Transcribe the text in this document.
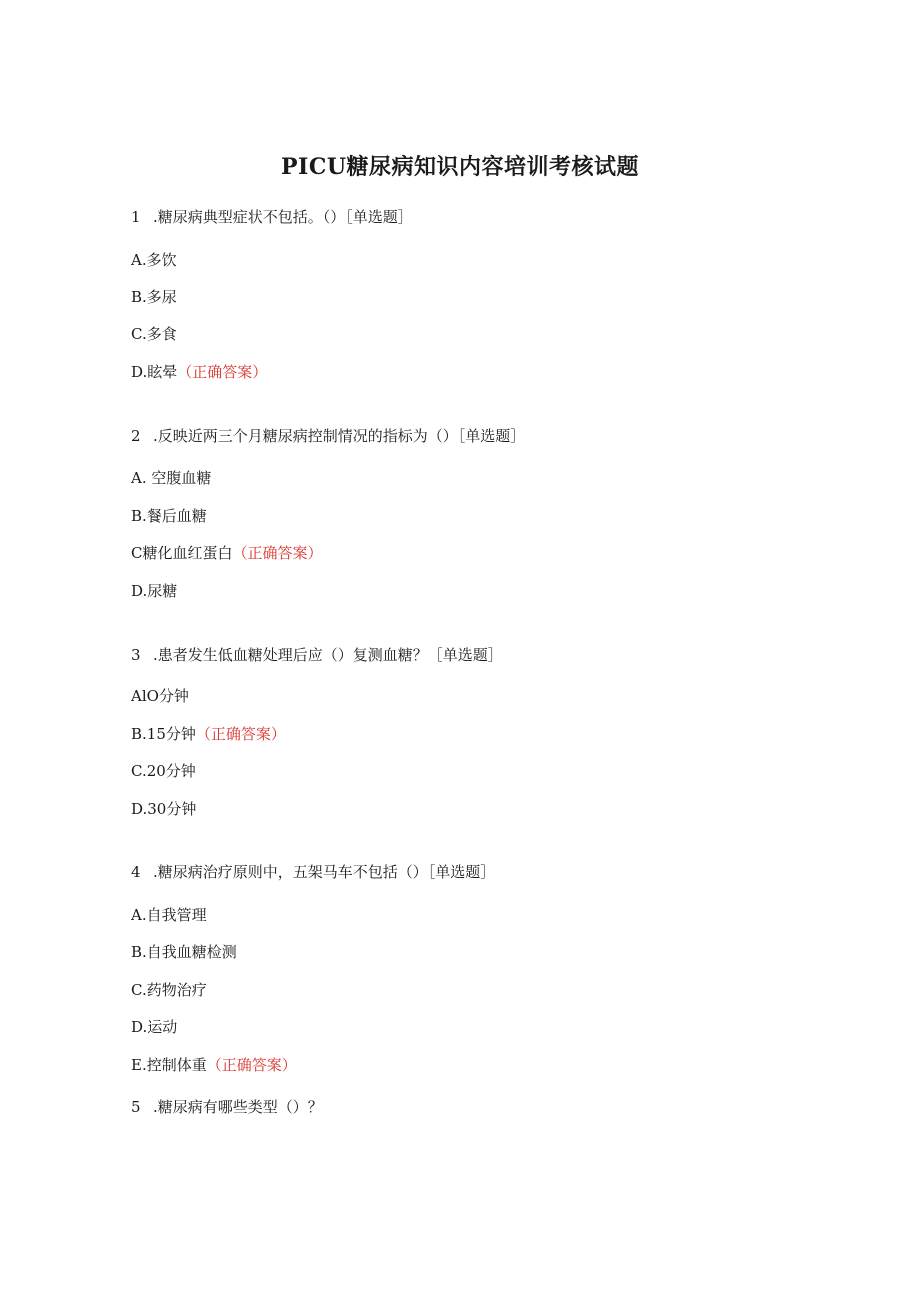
PICU糖尿病知识内容培训考核试题
1 .糖尿病典型症状不包括。（）［单选题］
A.多饮
B.多尿
C.多食
D.眩晕（正确答案）
2 .反映近两三个月糖尿病控制情况的指标为（）［单选题］
A. 空腹血糖
B.餐后血糖
C糖化血红蛋白（正确答案）
D.尿糖
3 .患者发生低血糖处理后应（）复测血糖？［单选题］
AlO分钟
B.15分钟（正确答案）
C.20分钟
D.30分钟
4 .糖尿病治疗原则中，五架马车不包括（）［单选题］
A.自我管理
B.自我血糖检测
C.药物治疗
D.运动
E.控制体重（正确答案）
5 .糖尿病有哪些类型（）？
